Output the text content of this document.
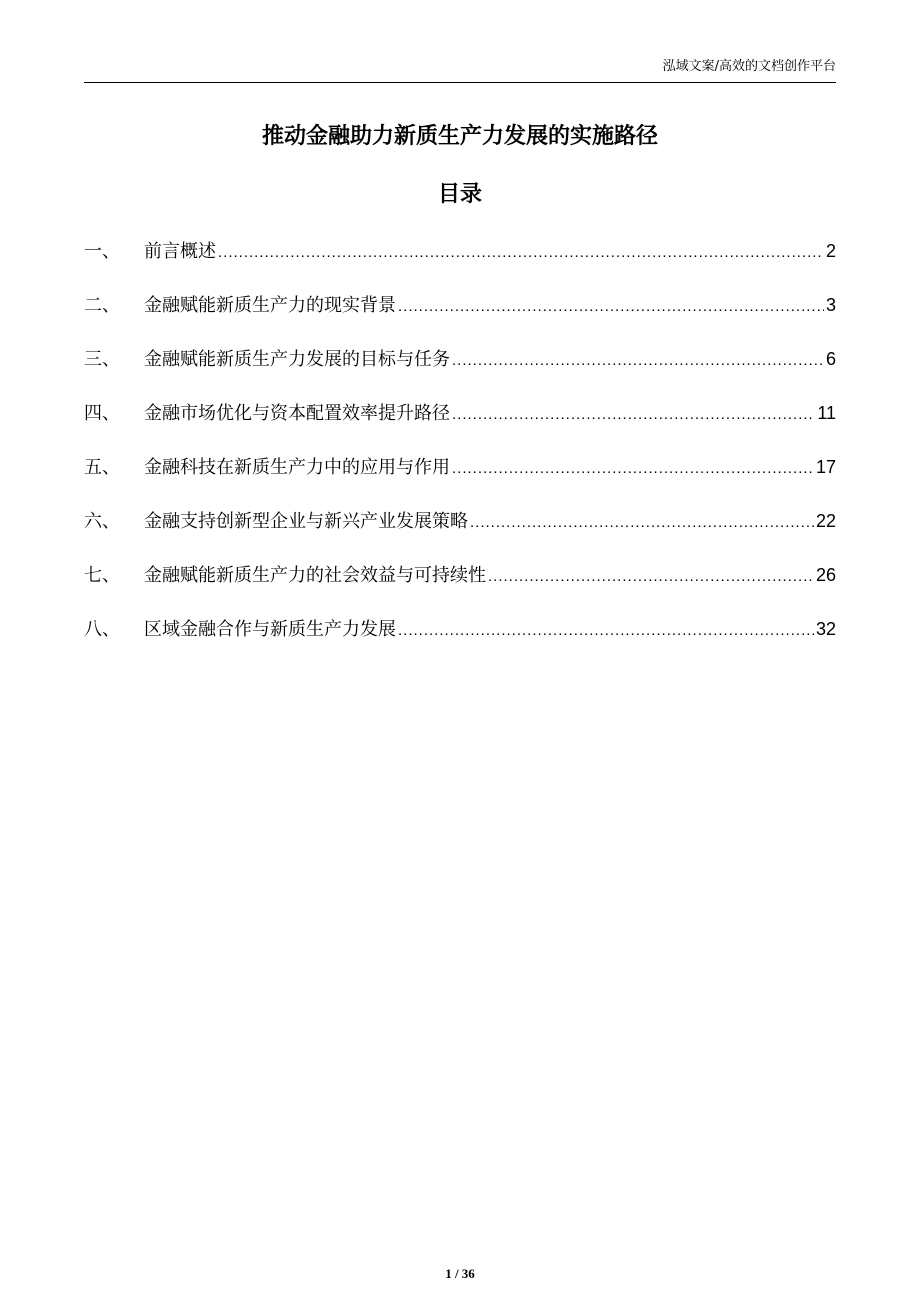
泓域文案/高效的文档创作平台
推动金融助力新质生产力发展的实施路径
目录
一、	前言概述 .....	2
二、	金融赋能新质生产力的现实背景 .....	3
三、	金融赋能新质生产力发展的目标与任务 .....	6
四、	金融市场优化与资本配置效率提升路径 .....	11
五、	金融科技在新质生产力中的应用与作用 .....	17
六、	金融支持创新型企业与新兴产业发展策略 .....	22
七、	金融赋能新质生产力的社会效益与可持续性 .....	26
八、	区域金融合作与新质生产力发展 .....	32
1 / 36
